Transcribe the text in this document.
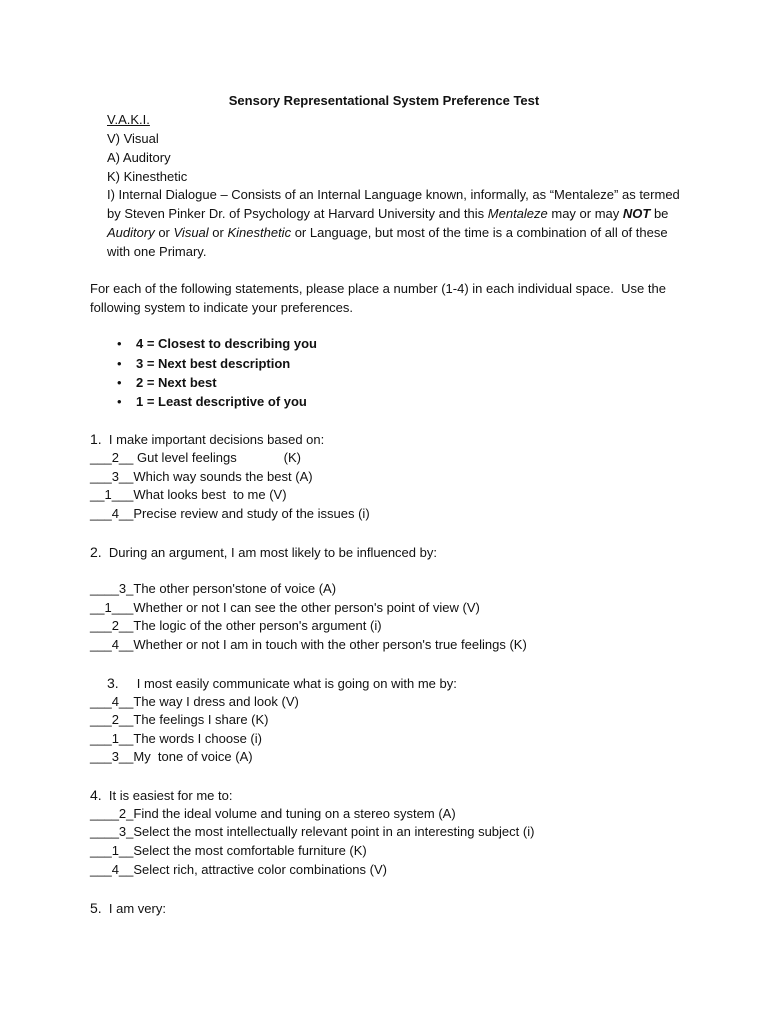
Sensory Representational System Preference Test
V.A.K.I.
V) Visual
A) Auditory
K) Kinesthetic
I) Internal Dialogue – Consists of an Internal Language known, informally, as “Mentaleze” as termed
by Steven Pinker Dr. of Psychology at Harvard University and this Mentaleze may or may NOT be
Auditory or Visual or Kinesthetic or Language, but most of the time is a combination of all of these
with one Primary.
For each of the following statements, please place a number (1-4) in each individual space.  Use the
following system to indicate your preferences.
• 4 = Closest to describing you
• 3 = Next best description
• 2 = Next best
• 1 = Least descriptive of you
1.  I make important decisions based on:
___2__ Gut level feelings             (K)
___3__Which way sounds the best (A)
__1___What looks best  to me (V)
___4__Precise review and study of the issues (i)
2.  During an argument, I am most likely to be influenced by:
____3_The other person'stone of voice (A)
__1___Whether or not I can see the other person's point of view (V)
___2__The logic of the other person's argument (i)
___4__Whether or not I am in touch with the other person's true feelings (K)
3.     I most easily communicate what is going on with me by:
___4__The way I dress and look (V)
___2__The feelings I share (K)
___1__The words I choose (i)
___3__My  tone of voice (A)
4.  It is easiest for me to:
____2_Find the ideal volume and tuning on a stereo system (A)
____3_Select the most intellectually relevant point in an interesting subject (i)
___1__Select the most comfortable furniture (K)
___4__Select rich, attractive color combinations (V)
5.  I am very:
